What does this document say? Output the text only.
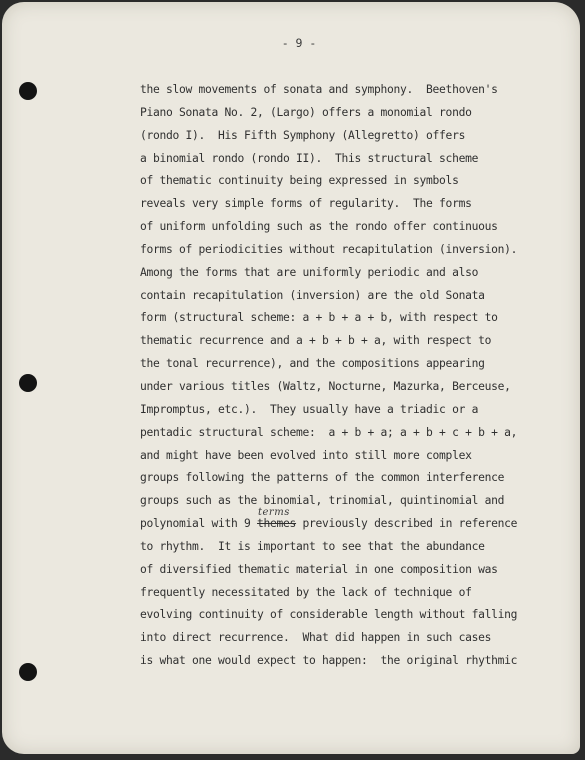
- 9 -
the slow movements of sonata and symphony.  Beethoven's
Piano Sonata No. 2, (Largo) offers a monomial rondo
(rondo I).  His Fifth Symphony (Allegretto) offers
a binomial rondo (rondo II).  This structural scheme
of thematic continuity being expressed in symbols
reveals very simple forms of regularity.  The forms
of uniform unfolding such as the rondo offer continuous
forms of periodicities without recapitulation (inversion).
Among the forms that are uniformly periodic and also
contain recapitulation (inversion) are the old Sonata
form (structural scheme: a + b + a + b, with respect to
thematic recurrence and a + b + b + a, with respect to
the tonal recurrence), and the compositions appearing
under various titles (Waltz, Nocturne, Mazurka, Berceuse,
Impromptus, etc.).  They usually have a triadic or a
pentadic structural scheme:  a + b + a; a + b + c + b + a,
and might have been evolved into still more complex
groups following the patterns of the common interference
groups such as the binomial, trinomial, quintinomial and
polynomial with 9 themes previously described in reference
terms
to rhythm.  It is important to see that the abundance
of diversified thematic material in one composition was
frequently necessitated by the lack of technique of
evolving continuity of considerable length without falling
into direct recurrence.  What did happen in such cases
is what one would expect to happen:  the original rhythmic
